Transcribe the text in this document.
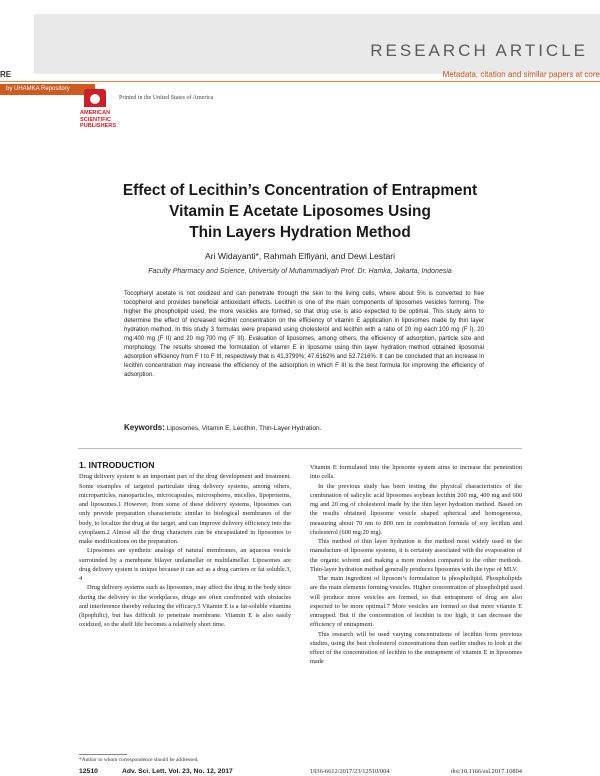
RESEARCH ARTICLE
RE	Metadata, citation and similar papers at core
by UHAMKA Repository
Printed in the United States of America
AMERICAN
SCIENTIFIC
PUBLISHERS
Effect of Lecithin’s Concentration of Entrapment
Vitamin E Acetate Liposomes Using
Thin Layers Hydration Method
Ari Widayanti*, Rahmah Elfiyani, and Dewi Lestari
Faculty Pharmacy and Science, University of Muhammadiyah Prof. Dr. Hamka, Jakarta, Indonesia

Tocopheryl acetate is not oxidized and can penetrate through the skin to the living cells, where about 5% is converted to free tocopherol and provides beneficial antioxidant effects. Lecithin is one of the main components of liposomes vesicles forming. The higher the phospholipid used, the more vesicles are formed, so that drug use is also expected to be optimal. This study aims to determine the effect of increased lecithin concentration on the efficiency of vitamin E application in liposomes made by thin layer hydration method. In this study 3 formulas were prepared using cholesterol and lecithin with a ratio of 20 mg each:100 mg (F I), 20 mg:400 mg (F II) and 20 mg:700 mg (F III). Evaluation of liposomes, among others, the efficiency of adsorption, particle size and morphology. The results showed the formulation of vitamin E in liposome using thin layer hydration method obtained liposomal adsorption efficiency from F I to F III, respectively that is 41,3799%; 47.6162% and 52.7216%. It can be concluded that an increase in lecithin concentration may increase the efficiency of the adsorption in which F III is the best formula for improving the efficiency of adsorption.

Keywords: Liposomes, Vitamin E, Lecithin, Thin-Layer Hydration.
1. INTRODUCTION

Drug delivery system is an important part of the drug development and treatment. Some examples of targeted particulate drug delivery systems, among others, microparticles, nanoparticles, microcapsules, microspheres, micelles, lipoproteins, and liposomes.1 However, from some of these delivery systems, liposomes can only provide preparation characteristic similar to biological membranes of the body, to localize the drug at the target, and can improve delivery efficiency into the cytoplasm.2 Almost all the drug characters can be encapsulated in liposomes to make modifications on the preparation.

Liposomes are synthetic analogs of natural membranes, an aqueous vesicle surrounded by a membrane bilayer unilamellar or multilamellar. Liposomes are drug delivery system is unique because it can act as a drug carriers or fat soluble.3, 4

Drug delivery systems such as liposomes, may affect the drug in the body since during the delivery to the workplaces, drugs are often confronted with obstacles and interference thereby reducing the efficacy.5 Vitamin E is a fat-soluble vitamins (lipophilic), but has difficult to penetrate membrane. Vitamin E is also easily oxidized, so the shelf life becomes a relatively short time.

Vitamin E formulated into the liposome system aims to increase the penetration into cells.

In the previous study has been testing the physical characteristics of the combination of salicylic acid liposomes soybean lecithin 200 mg, 400 mg and 600 mg and 20 mg of cholesterol made by the thin layer hydration method. Based on the results obtained liposome vesicle shaped spherical and homogeneous, measuring about 70 nm to 800 nm in combination formula of soy lecithin and cholesterol (600 mg:20 mg).

This method of thin layer hydration is the method most widely used in the manufacture of liposome systems, it is certainty associated with the evaporation of the organic solvent and making a more modest compared to the other methods. Thin-layer hydration method generally produces liposomes with the type of MLV.

The main ingredient of liposom’s formulation is phospholipid. Phospholipids are the main elements forming vesicles. Higher concentration of phospholipid used will produce more vesicles are formed, so that entrapment of drug are also expected to be more optimal.7 More vesicles are formed so that more vitamin E entrapped. But if the concentration of lecithin is too high, it can decrease the efficiency of entrapment.

This research will be used varying concentrations of lecithin from previous studies, using the best cholesterol concentrations than earlier studies to look at the effect of the concentration of lecithin to the entrapment of vitamin E in liposomes made

*Author to whom correspondence should be addressed.
12510	Adv. Sci. Lett. Vol. 23, No. 12, 2017	1936-6612/2017/23/12510/004	doi:10.1166/asl.2017.10804
